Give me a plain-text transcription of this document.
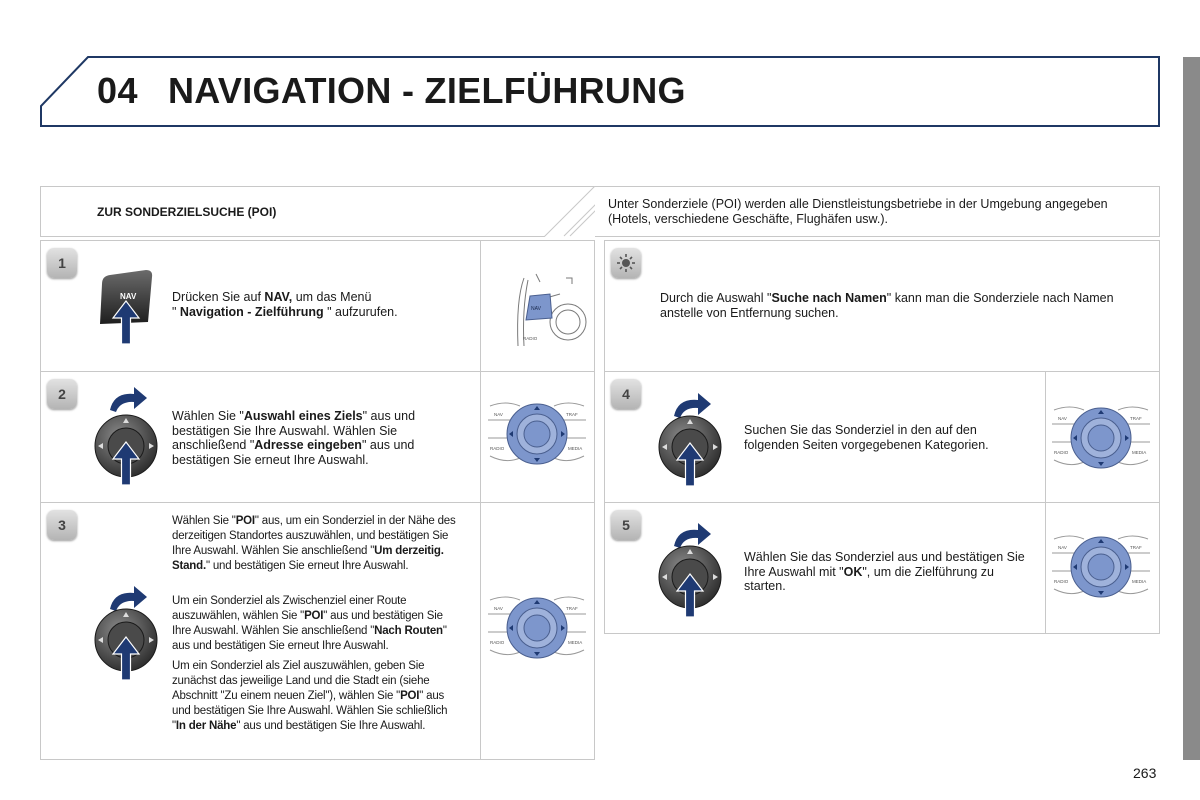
04 NAVIGATION - ZIELFÜHRUNG
ZUR SONDERZIELSUCHE (POI)
Unter Sonderziele (POI) werden alle Dienstleistungsbetriebe in der Umgebung angegeben (Hotels, verschiedene Geschäfte, Flughäfen usw.).
1
2
3
4
5
NAV	Drücken Sie auf NAV, um das Menü
" Navigation - Zielführung " aufzurufen.	NAV
RADIO
Wählen Sie "Auswahl eines Ziels" aus und bestätigen Sie Ihre Auswahl. Wählen Sie anschließend "Adresse eingeben" aus und bestätigen Sie erneut Ihre Auswahl.
NAV	TRAF
RADIO	MEDIA
Wählen Sie "POI" aus, um ein Sonderziel in der Nähe des derzeitigen Standortes auszuwählen, und bestätigen Sie Ihre Auswahl. Wählen Sie anschließend "Um derzeitig. Stand." und bestätigen Sie erneut Ihre Auswahl.
Um ein Sonderziel als Zwischenziel einer Route auszuwählen, wählen Sie "POI" aus und bestätigen Sie Ihre Auswahl. Wählen Sie anschließend "Nach Routen" aus und bestätigen Sie erneut Ihre Auswahl.
Um ein Sonderziel als Ziel auszuwählen, geben Sie zunächst das jeweilige Land und die Stadt ein (siehe Abschnitt "Zu einem neuen Ziel"), wählen Sie "POI" aus und bestätigen Sie Ihre Auswahl. Wählen Sie schließlich "In der Nähe" aus und bestätigen Sie Ihre Auswahl.
NAV	TRAF
RADIO	MEDIA
Durch die Auswahl "Suche nach Namen" kann man die Sonderziele nach Namen anstelle von Entfernung suchen.
Suchen Sie das Sonderziel in den auf den folgenden Seiten vorgegebenen Kategorien.
NAV	TRAF
RADIO	MEDIA
Wählen Sie das Sonderziel aus und bestätigen Sie Ihre Auswahl mit "OK", um die Zielführung zu starten.
NAV	TRAF
RADIO	MEDIA
263
